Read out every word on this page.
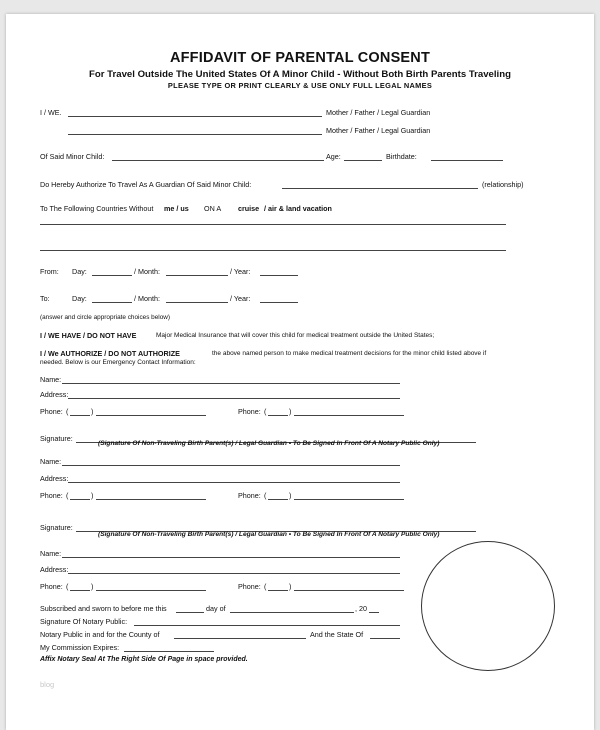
AFFIDAVIT OF PARENTAL CONSENT
For Travel Outside The United States Of A Minor Child - Without Both Birth Parents Traveling
PLEASE TYPE OR PRINT CLEARLY & USE ONLY FULL LEGAL NAMES
I / WE.	Mother / Father / Legal Guardian
Mother / Father / Legal Guardian
Of Said Minor Child:	Age:	Birthdate:
Do Hereby Authorize To Travel As A Guardian Of Said Minor Child:	(relationship)
To The Following Countries Without me / us ON A cruise / air & land vacation
From: Day:	/ Month:	/ Year:
To:	Day:	/ Month:	/ Year:
(answer and circle appropriate choices below)
I / WE HAVE / DO NOT HAVE	Major Medical Insurance that will cover this child for medical treatment outside the United States;
I / We AUTHORIZE / DO NOT AUTHORIZE	the above named person to make medical treatment decisions for the minor child listed above if
needed. Below is our Emergency Contact Information:
Name:
Address:
Phone: (	)	Phone: (	)
Signature:
(Signature Of Non-Traveling Birth Parent(s) / Legal Guardian • To Be Signed In Front Of A Notary Public Only)
Name:
Address:
Phone: (	)	Phone: (	)
Signature:
(Signature Of Non-Traveling Birth Parent(s) / Legal Guardian • To Be Signed In Front Of A Notary Public Only)
Name:
Address:
Phone: (	)	Phone: (	)
Subscribed and sworn to before me this	day of	, 20
Signature Of Notary Public:
Notary Public in and for the County of	And the State Of
My Commission Expires:
Affix Notary Seal At The Right Side Of Page in space provided.
blog
